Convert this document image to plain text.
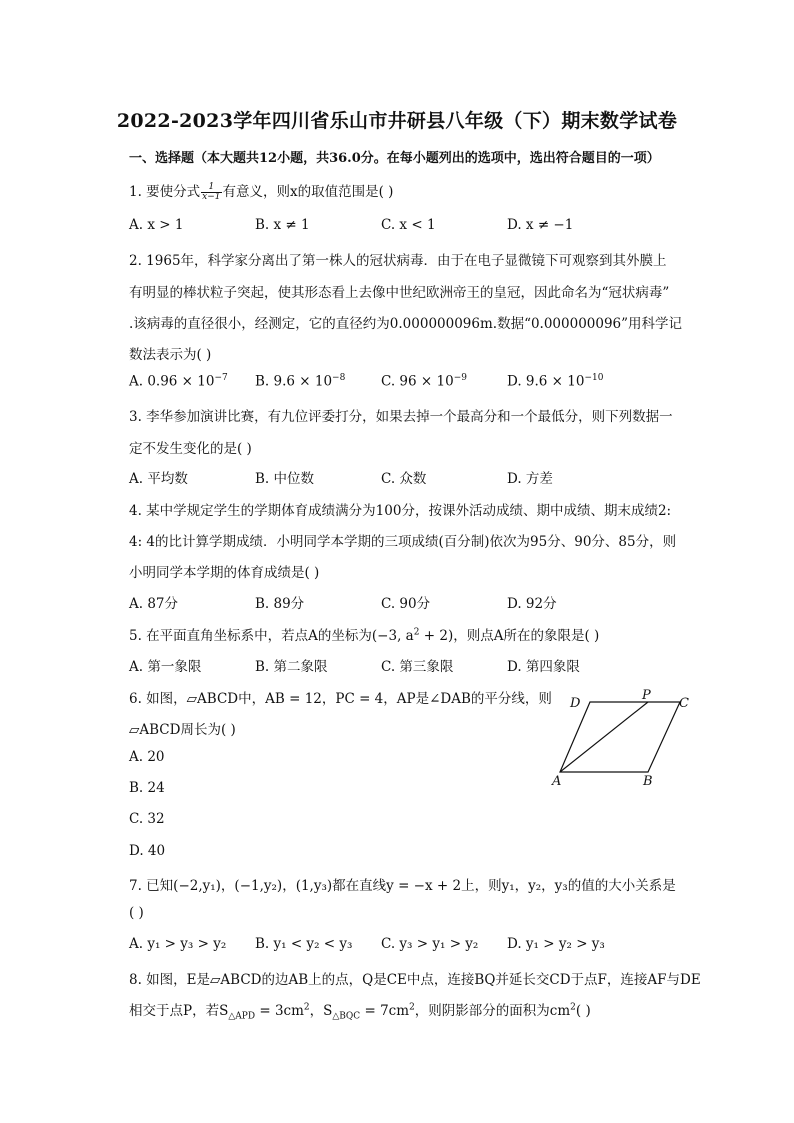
2022-2023学年四川省乐山市井研县八年级（下）期末数学试卷
一、选择题（本大题共12小题，共36.0分。在每小题列出的选项中，选出符合题目的一项）
1. 要使分式 $\frac{1}{x-1}$ 有意义，则x的取值范围是( )
A. x > 1	B. x ≠ 1	C. x < 1	D. x ≠ −1
2. 1965年，科学家分离出了第一株人的冠状病毒．由于在电子显微镜下可观察到其外膜上
有明显的棒状粒子突起，使其形态看上去像中世纪欧洲帝王的皇冠，因此命名为“冠状病毒”
.该病毒的直径很小，经测定，它的直径约为0.000000096m.数据“0.000000096”用科学记
数法表示为( )
A. $0.96 \times 10^{-7}$ B. $9.6 \times 10^{-8}$	C. $96 \times 10^{-9}$	D. $9.6 \times 10^{-10}$
3. 李华参加演讲比赛，有九位评委打分，如果去掉一个最高分和一个最低分，则下列数据一
定不发生变化的是( )
A. 平均数	B. 中位数	C. 众数	D. 方差
4. 某中学规定学生的学期体育成绩满分为100分，按课外活动成绩、期中成绩、期末成绩2:
4: 4的比计算学期成绩．小明同学本学期的三项成绩(百分制)依次为95分、90分、85分，则
小明同学本学期的体育成绩是( )
A. 87分	B. 89分	C. 90分	D. 92分
5. 在平面直角坐标系中，若点A的坐标为(−3, $a^2 + 2$)，则点A所在的象限是( )
A. 第一象限	B. 第二象限	C. 第三象限	D. 第四象限
6. 如图，▱ABCD中，AB = 12，PC = 4，AP是∠DAB的平分线，则
▱ABCD周长为( )
A. 20
B. 24
C. 32
D. 40
D
P
C
A	B
7. 已知(−2,y₁)，(−1,y₂)，(1,y₃)都在直线y = −x + 2上，则y₁，y₂，y₃的值的大小关系是
( )
A. y₁ > y₃ > y₂ B. y₁ < y₂ < y₃ C. y₃ > y₁ > y₂ D. y₁ > y₂ > y₃
8. 如图，E是▱ABCD的边AB上的点，Q是CE中点，连接BQ并延长交CD于点F，连接AF与DE
相交于点P，若$S_{\triangle APD} = 3cm^2$，$S_{\triangle BQC} = 7cm^2$，则阴影部分的面积为$cm^2$( )
